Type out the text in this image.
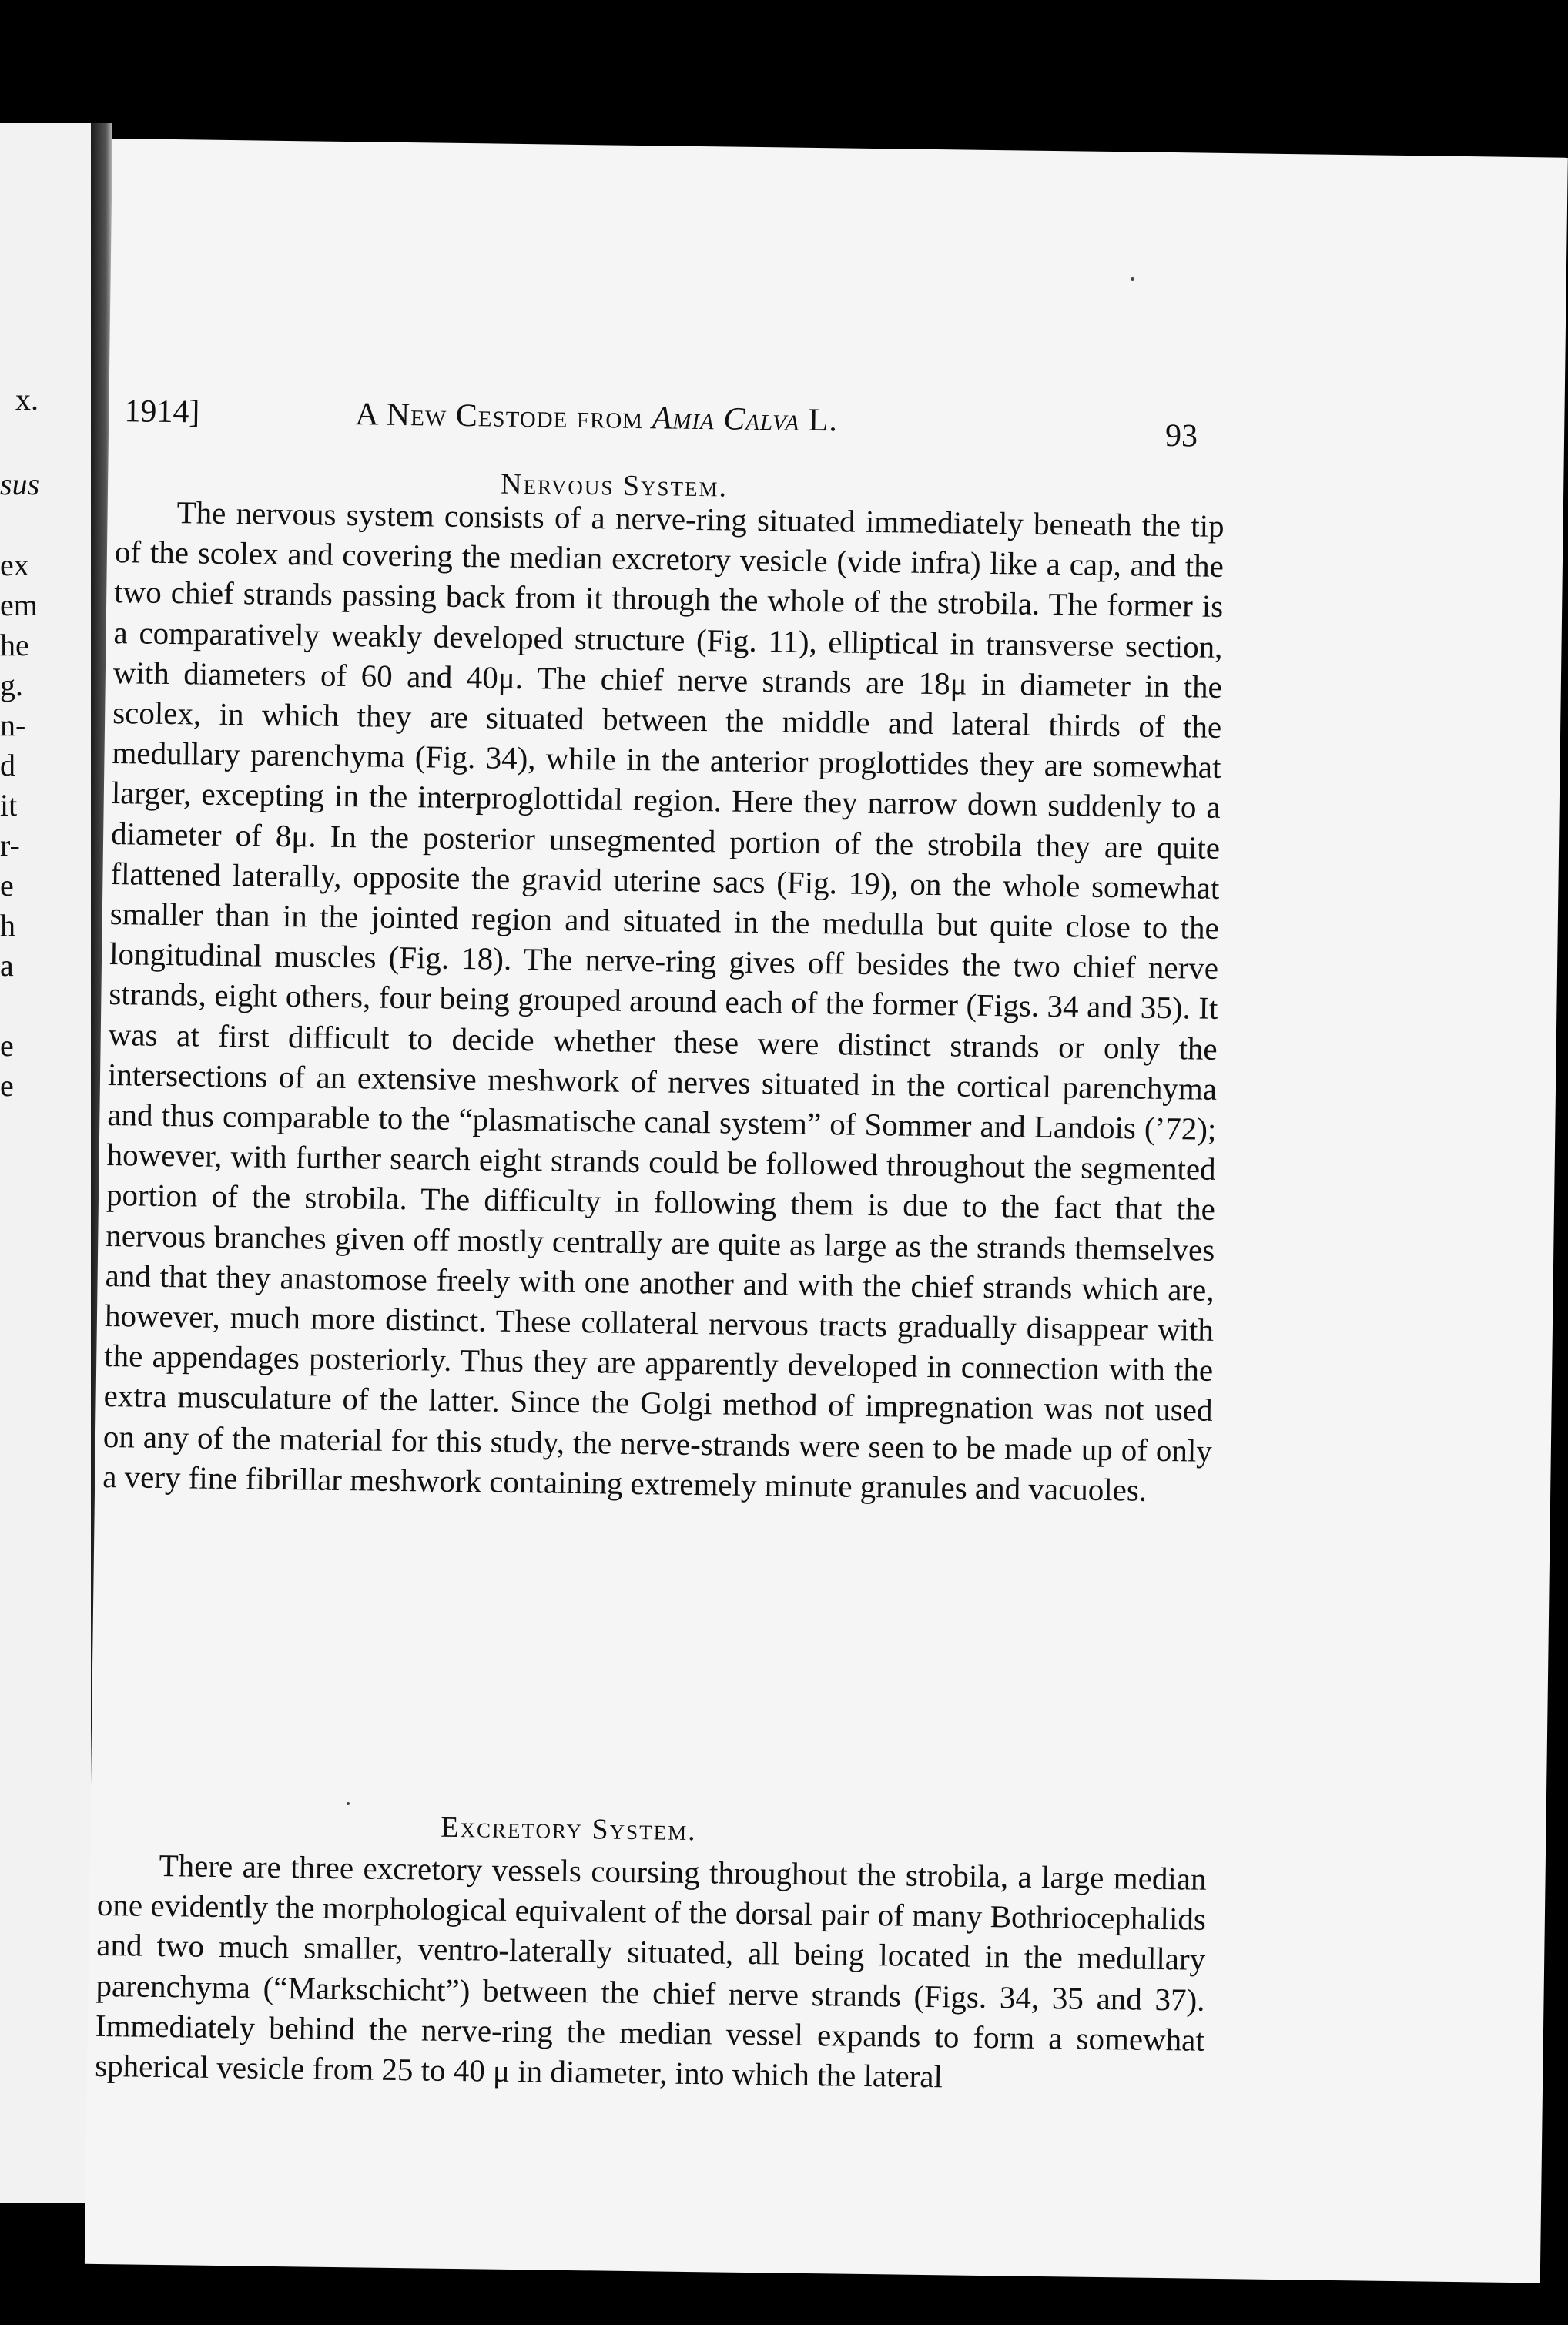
x.
sus
ex
em
he
g.
n-
d
it
r-
e
h
a
e
e
1914]	A New Cestode from Amia Calva L.	93
Nervous System.

The nervous system consists of a nerve-ring situated immediately beneath the tip of the scolex and covering the median excretory vesicle (vide infra) like a cap, and the two chief strands passing back from it through the whole of the strobila. The former is a comparatively weakly developed structure (Fig. 11), elliptical in transverse section, with diameters of 60 and 40μ. The chief nerve strands are 18μ in diameter in the scolex, in which they are situated between the middle and lateral thirds of the medullary parenchyma (Fig. 34), while in the anterior proglottides they are somewhat larger, excepting in the interproglottidal region. Here they narrow down suddenly to a diameter of 8μ. In the posterior unsegmented portion of the strobila they are quite flattened laterally, opposite the gravid uterine sacs (Fig. 19), on the whole somewhat smaller than in the jointed region and situated in the medulla but quite close to the longitudinal muscles (Fig. 18). The nerve-ring gives off besides the two chief nerve strands, eight others, four being grouped around each of the former (Figs. 34 and 35). It was at first difficult to decide whether these were distinct strands or only the intersections of an extensive meshwork of nerves situated in the cortical parenchyma and thus comparable to the “plasmatische canal system” of Sommer and Landois (’72); however, with further search eight strands could be followed throughout the segmented portion of the strobila. The difficulty in following them is due to the fact that the nervous branches given off mostly centrally are quite as large as the strands themselves and that they anastomose freely with one another and with the chief strands which are, however, much more distinct. These collateral nervous tracts gradually disappear with the appendages posteriorly. Thus they are apparently developed in connection with the extra musculature of the latter. Since the Golgi method of impregnation was not used on any of the material for this study, the nerve-strands were seen to be made up of only a very fine fibrillar meshwork containing extremely minute granules and vacuoles.

Excretory System.

There are three excretory vessels coursing throughout the strobila, a large median one evidently the morphological equivalent of the dorsal pair of many Bothriocephalids and two much smaller, ventro-laterally situated, all being located in the medullary parenchyma (“Markschicht”) between the chief nerve strands (Figs. 34, 35 and 37). Immediately behind the nerve-ring the median vessel expands to form a somewhat spherical vesicle from 25 to 40 μ in diameter, into which the lateral
